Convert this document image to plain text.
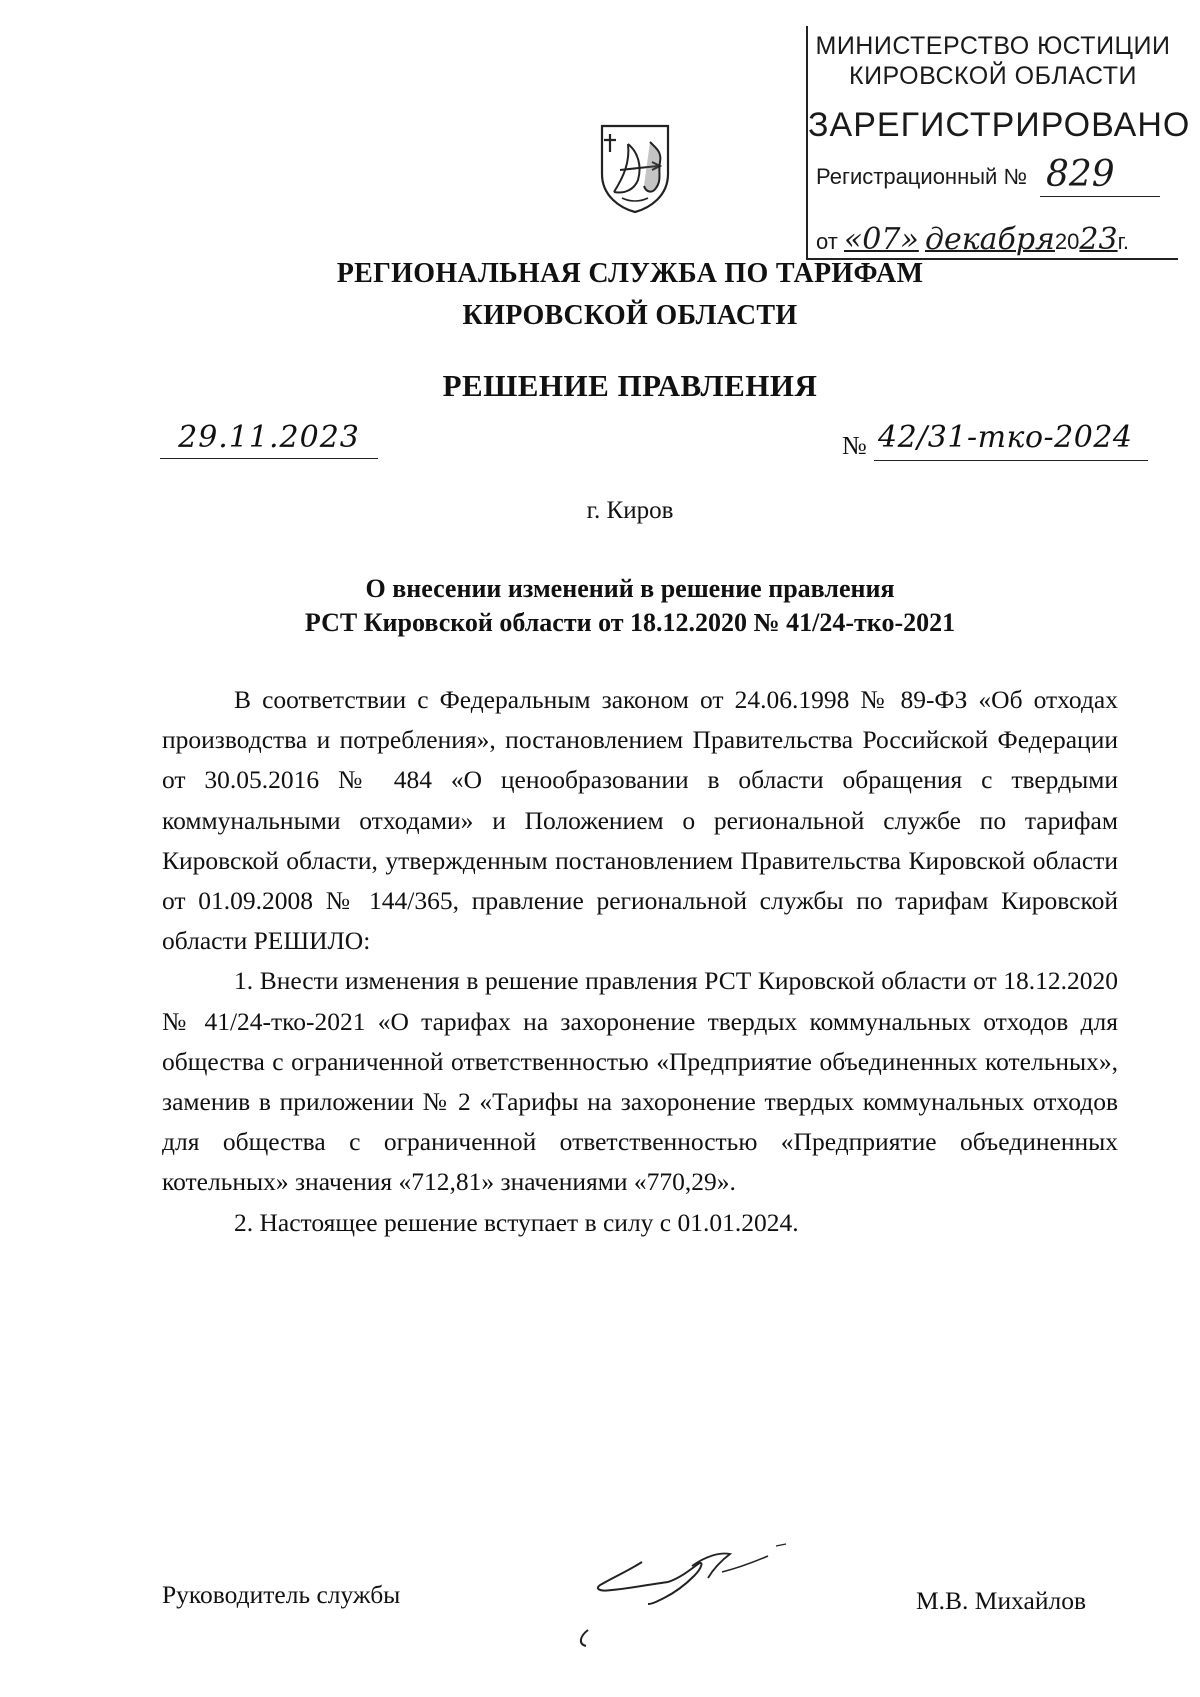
МИНИСТЕРСТВО ЮСТИЦИИ
КИРОВСКОЙ ОБЛАСТИ
ЗАРЕГИСТРИРОВАНО
Регистрационный № 829
от «07» декабря2023г.
РЕГИОНАЛЬНАЯ СЛУЖБА ПО ТАРИФАМ
КИРОВСКОЙ ОБЛАСТИ
РЕШЕНИЕ ПРАВЛЕНИЯ
29.11.2023	№ 42/31-тко-2024
г. Киров
О внесении изменений в решение правления
РСТ Кировской области от 18.12.2020 № 41/24-тко-2021

В соответствии с Федеральным законом от 24.06.1998 № 89-ФЗ «Об отходах производства и потребления», постановлением Правительства Российской Федерации от 30.05.2016 № 484 «О ценообразовании в области обращения с твердыми коммунальными отходами» и Положением о региональной службе по тарифам Кировской области, утвержденным постановлением Правительства Кировской области от 01.09.2008 № 144/365, правление региональной службы по тарифам Кировской области РЕШИЛО:

1. Внести изменения в решение правления РСТ Кировской области от 18.12.2020 № 41/24-тко-2021 «О тарифах на захоронение твердых коммунальных отходов для общества с ограниченной ответственностью «Предприятие объединенных котельных», заменив в приложении № 2 «Тарифы на захоронение твердых коммунальных отходов для общества с ограниченной ответственностью «Предприятие объединенных котельных» значения «712,81» значениями «770,29».

2. Настоящее решение вступает в силу с 01.01.2024.

Руководитель службы	М.В. Михайлов
